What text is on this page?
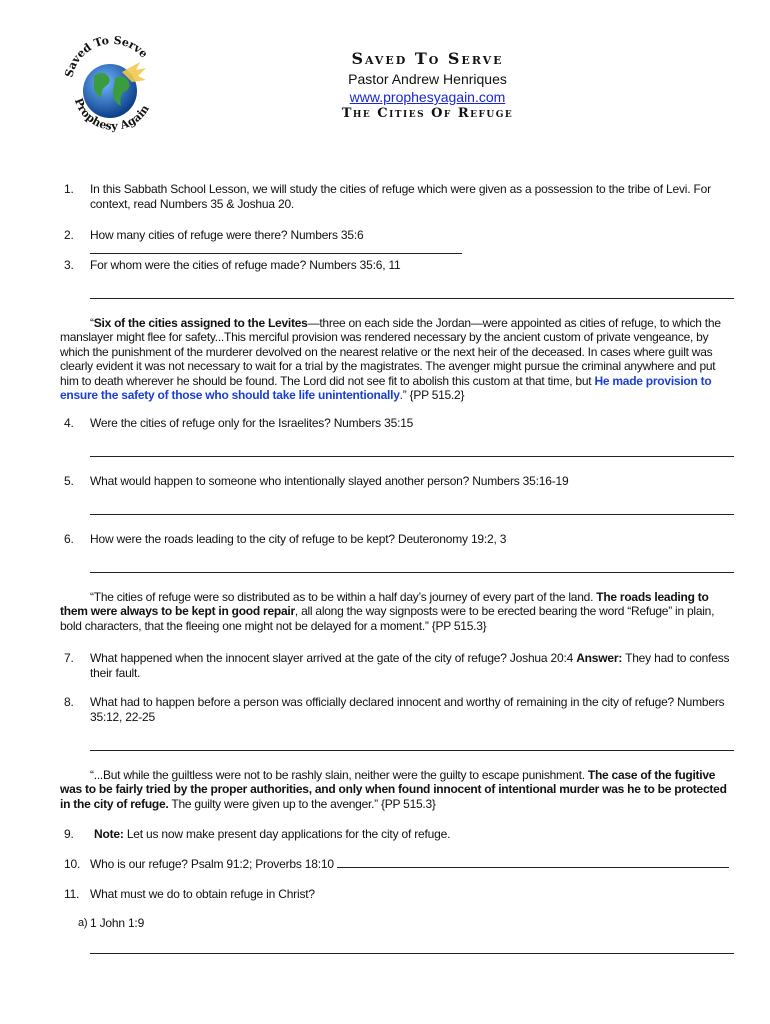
Saved To Serve
Prophesy Again
Saved To Serve
Pastor Andrew Henriques
www.prophesyagain.com
The Cities Of Refuge
1.	In this Sabbath School Lesson, we will study the cities of refuge which were given as a possession to the tribe of Levi. For context, read Numbers 35 & Joshua 20.
2.	How many cities of refuge were there? Numbers 35:6
3.	For whom were the cities of refuge made? Numbers 35:6, 11
“Six of the cities assigned to the Levites—three on each side the Jordan—were appointed as cities of refuge, to which the manslayer might flee for safety...This merciful provision was rendered necessary by the ancient custom of private vengeance, by which the punishment of the murderer devolved on the nearest relative or the next heir of the deceased. In cases where guilt was clearly evident it was not necessary to wait for a trial by the magistrates. The avenger might pursue the criminal anywhere and put him to death wherever he should be found. The Lord did not see fit to abolish this custom at that time, but He made provision to ensure the safety of those who should take life unintentionally.” {PP 515.2}
4.	Were the cities of refuge only for the Israelites? Numbers 35:15
5.	What would happen to someone who intentionally slayed another person? Numbers 35:16-19
6.	How were the roads leading to the city of refuge to be kept? Deuteronomy 19:2, 3
“The cities of refuge were so distributed as to be within a half day’s journey of every part of the land. The roads leading to them were always to be kept in good repair, all along the way signposts were to be erected bearing the word “Refuge” in plain, bold characters, that the fleeing one might not be delayed for a moment.” {PP 515.3}
7.	What happened when the innocent slayer arrived at the gate of the city of refuge? Joshua 20:4 Answer: They had to confess their fault.
8.	What had to happen before a person was officially declared innocent and worthy of remaining in the city of refuge? Numbers 35:12, 22-25
“...But while the guiltless were not to be rashly slain, neither were the guilty to escape punishment. The case of the fugitive was to be fairly tried by the proper authorities, and only when found innocent of intentional murder was he to be protected in the city of refuge. The guilty were given up to the avenger.” {PP 515.3}
9.	Note: Let us now make present day applications for the city of refuge.
10. Who is our refuge? Psalm 91:2; Proverbs 18:10
11. What must we do to obtain refuge in Christ?
a) 1 John 1:9
